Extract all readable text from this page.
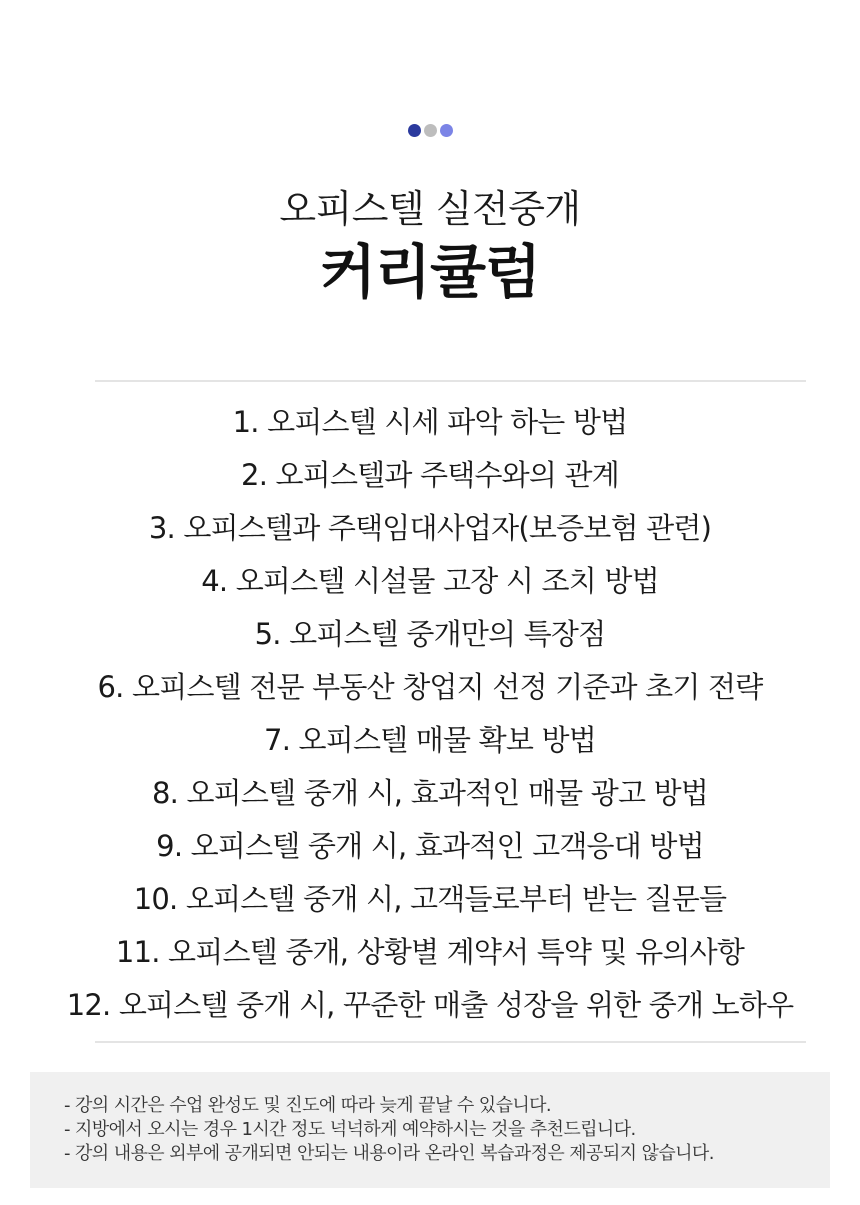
오피스텔 실전중개
커리큘럼
1. 오피스텔 시세 파악 하는 방법
2. 오피스텔과 주택수와의 관계
3. 오피스텔과 주택임대사업자(보증보험 관련)
4. 오피스텔 시설물 고장 시 조치 방법
5. 오피스텔 중개만의 특장점
6. 오피스텔 전문 부동산 창업지 선정 기준과 초기 전략
7. 오피스텔 매물 확보 방법
8. 오피스텔 중개 시, 효과적인 매물 광고 방법
9. 오피스텔 중개 시, 효과적인 고객응대 방법
10. 오피스텔 중개 시, 고객들로부터 받는 질문들
11. 오피스텔 중개, 상황별 계약서 특약 및 유의사항
12. 오피스텔 중개 시, 꾸준한 매출 성장을 위한 중개 노하우

- 강의 시간은 수업 완성도 및 진도에 따라 늦게 끝날 수 있습니다.

- 지방에서 오시는 경우 1시간 정도 넉넉하게 예약하시는 것을 추천드립니다.

- 강의 내용은 외부에 공개되면 안되는 내용이라 온라인 복습과정은 제공되지 않습니다.
